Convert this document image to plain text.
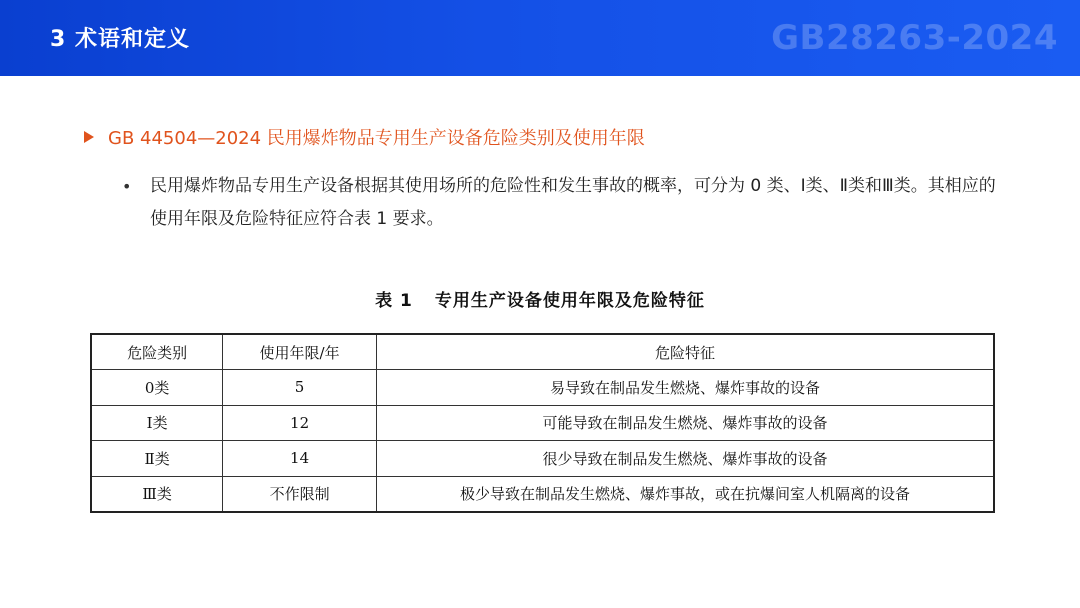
3 术语和定义	GB28263-2024
GB 44504—2024 民用爆炸物品专用生产设备危险类别及使用年限
• 民用爆炸物品专用生产设备根据其使用场所的危险性和发生事故的概率，可分为 0 类、Ⅰ类、Ⅱ类和Ⅲ类。其相应的使用年限及危险特征应符合表 1 要求。
表 1 专用生产设备使用年限及危险特征
危险类别	使用年限/年	危险特征
0类	5	易导致在制品发生燃烧、爆炸事故的设备
Ⅰ类	12	可能导致在制品发生燃烧、爆炸事故的设备
Ⅱ类	14	很少导致在制品发生燃烧、爆炸事故的设备
Ⅲ类	不作限制	极少导致在制品发生燃烧、爆炸事故，或在抗爆间室人机隔离的设备
